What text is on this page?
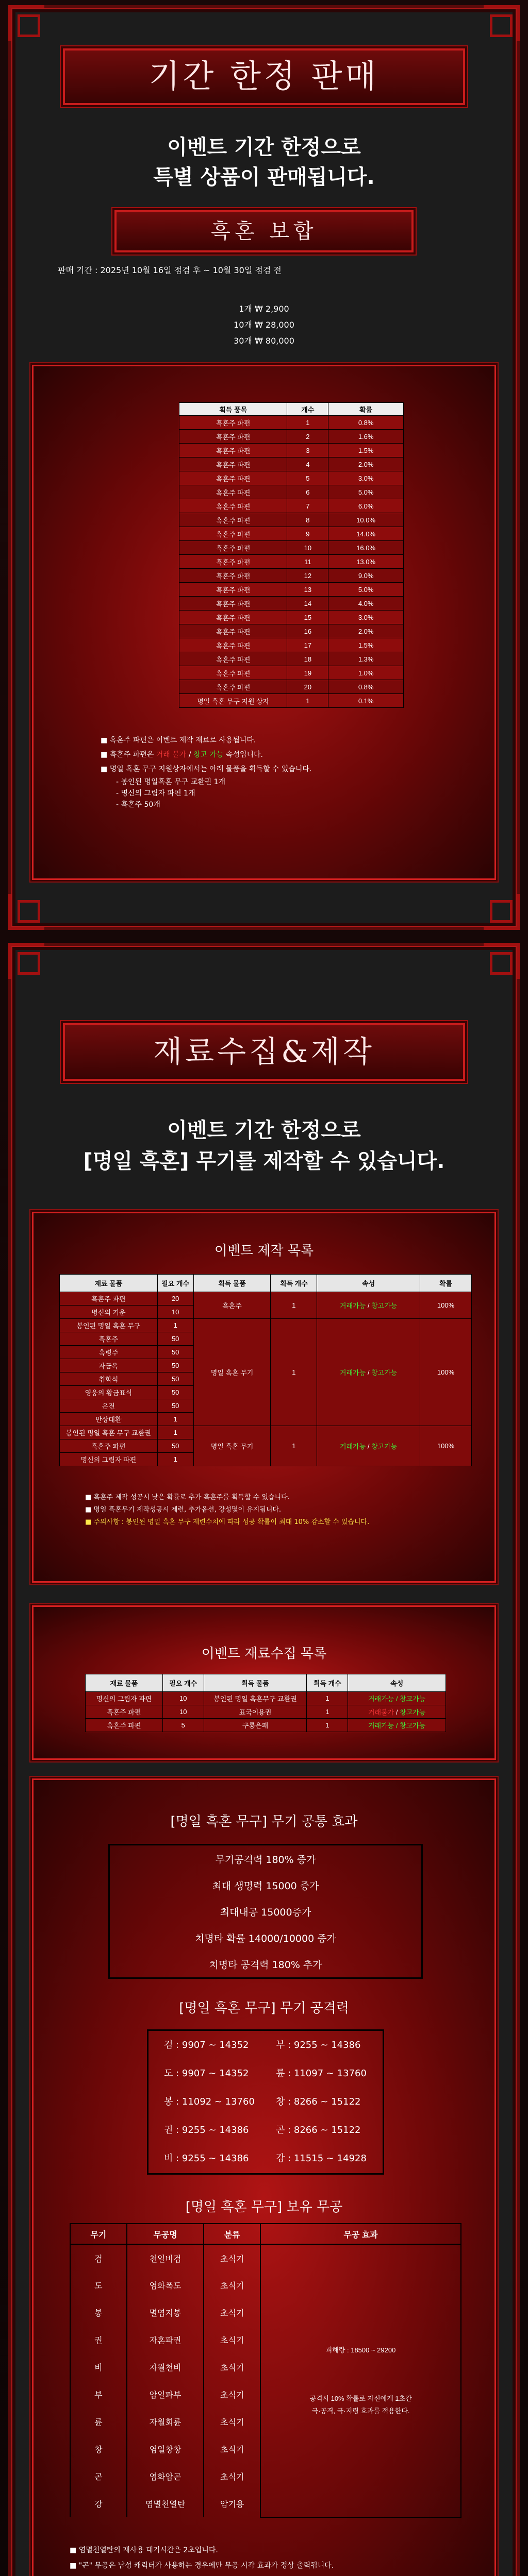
기간 한정 판매
이벤트 기간 한정으로
특별 상품이 판매됩니다.
흑혼 보합
판매 기간 : 2025년 10월 16일 점검 후 ~ 10월 30일 점검 전
1개 ₩ 2,900
10개 ₩ 28,000
30개 ₩ 80,000
획득 품목	개수	확률
흑혼주 파편	1	0.8%
흑혼주 파편	2	1.6%
흑혼주 파편	3	1.5%
흑혼주 파편	4	2.0%
흑혼주 파편	5	3.0%
흑혼주 파편	6	5.0%
흑혼주 파편	7	6.0%
흑혼주 파편	8	10.0%
흑혼주 파편	9	14.0%
흑혼주 파편	10	16.0%
흑혼주 파편	11	13.0%
흑혼주 파편	12	9.0%
흑혼주 파편	13	5.0%
흑혼주 파편	14	4.0%
흑혼주 파편	15	3.0%
흑혼주 파편	16	2.0%
흑혼주 파편	17	1.5%
흑혼주 파편	18	1.3%
흑혼주 파편	19	1.0%
흑혼주 파편	20	0.8%
명일 흑혼 무구 지원 상자	1	0.1%
■ 흑혼주 파편은 이벤트 제작 재료로 사용됩니다.
■ 흑혼주 파편은 거래 불가 / 창고 가능 속성입니다.
■ 명일 흑혼 무구 지원상자에서는 아래 물품을 획득할 수 있습니다.
- 봉인된 명일흑혼 무구 교환권 1개
- 명신의 그림자 파편 1개
- 흑혼주 50개
재료수집&제작
이벤트 기간 한정으로
[명일 흑혼] 무기를 제작할 수 있습니다.
이벤트 제작 목록
재료 물품	필요 개수	획득 물품	획득 개수	속성	확률
흑혼주 파편	20	흑혼주	1	거래가능 / 창고가능	100%
명신의 기운	10				
봉인된 명일 흑혼 무구	1	명일 흑혼 무기	1	거래가능 / 창고가능	100%
흑혼주	50				
흑령주	50				
자금옥	50				
취화석	50				
영웅의 황금표식	50				
은전	50				
만상대환	1				
봉인된 명일 흑혼 무구 교환권	1	명일 흑혼 무기	1	거래가능 / 창고가능	100%
흑혼주 파편	50				
명신의 그림자 파편	1				
■ 흑혼주 제작 성공시 낮은 확률로 추가 흑혼주를 획득할 수 있습니다.
■ 명일 흑혼무기 제작성공시 제련, 추가옵션, 강성몇이 유지됩니다.
■ 주의사항 : 봉인된 명일 흑혼 무구 제련수치에 따라 성공 확률이 최대 10% 감소할 수 있습니다.
이벤트 재료수집 목록
재료 물품	필요 개수	획득 물품	획득 개수	속성
명신의 그림자 파편	10	봉인된 명일 흑혼무구 교환권	1	거래가능 / 창고가능
흑혼주 파편	10	표국이용권	1	거래불가 / 창고가능
흑혼주 파편	5	구룡은패	1	거래가능 / 창고가능
[명일 흑혼 무구] 무기 공통 효과
무기공격력 180% 증가
최대 생명력 15000 증가
최대내공 15000증가
치명타 확률 14000/10000 증가
치명타 공격력 180% 추가
[명일 흑혼 무구] 무기 공격력
검 : 9907 ~ 14352	부 : 9255 ~ 14386
도 : 9907 ~ 14352	륜 : 11097 ~ 13760
봉 : 11092 ~ 13760	창 : 8266 ~ 15122
권 : 9255 ~ 14386	곤 : 8266 ~ 15122
비 : 9255 ~ 14386	강 : 11515 ~ 14928
[명일 흑혼 무구] 보유 무공
무기	무공명	분류	무공 효과
검	천일비검	초식기	피해량 : 18500 ~ 29200
공격시 10% 확률로 자신에게 1초간
극·공격, 극·지령 효과를 적용한다.

도	염화폭도	초식기	
봉	멸염지봉	초식기	
권	자혼파권	초식기	
비	자월천비	초식기	
부	암일파부	초식기	
륜	자월회륜	초식기	
창	염일창창	초식기	
곤	염화암곤	초식기	
강	염멸천열탄	암기용	
■ 염멸천열탄의 재사용 대기시간은 2초입니다.
■ "곤" 무공은 남성 캐릭터가 사용하는 경우에만 무공 시각 효과가 정상 출력됩니다.
